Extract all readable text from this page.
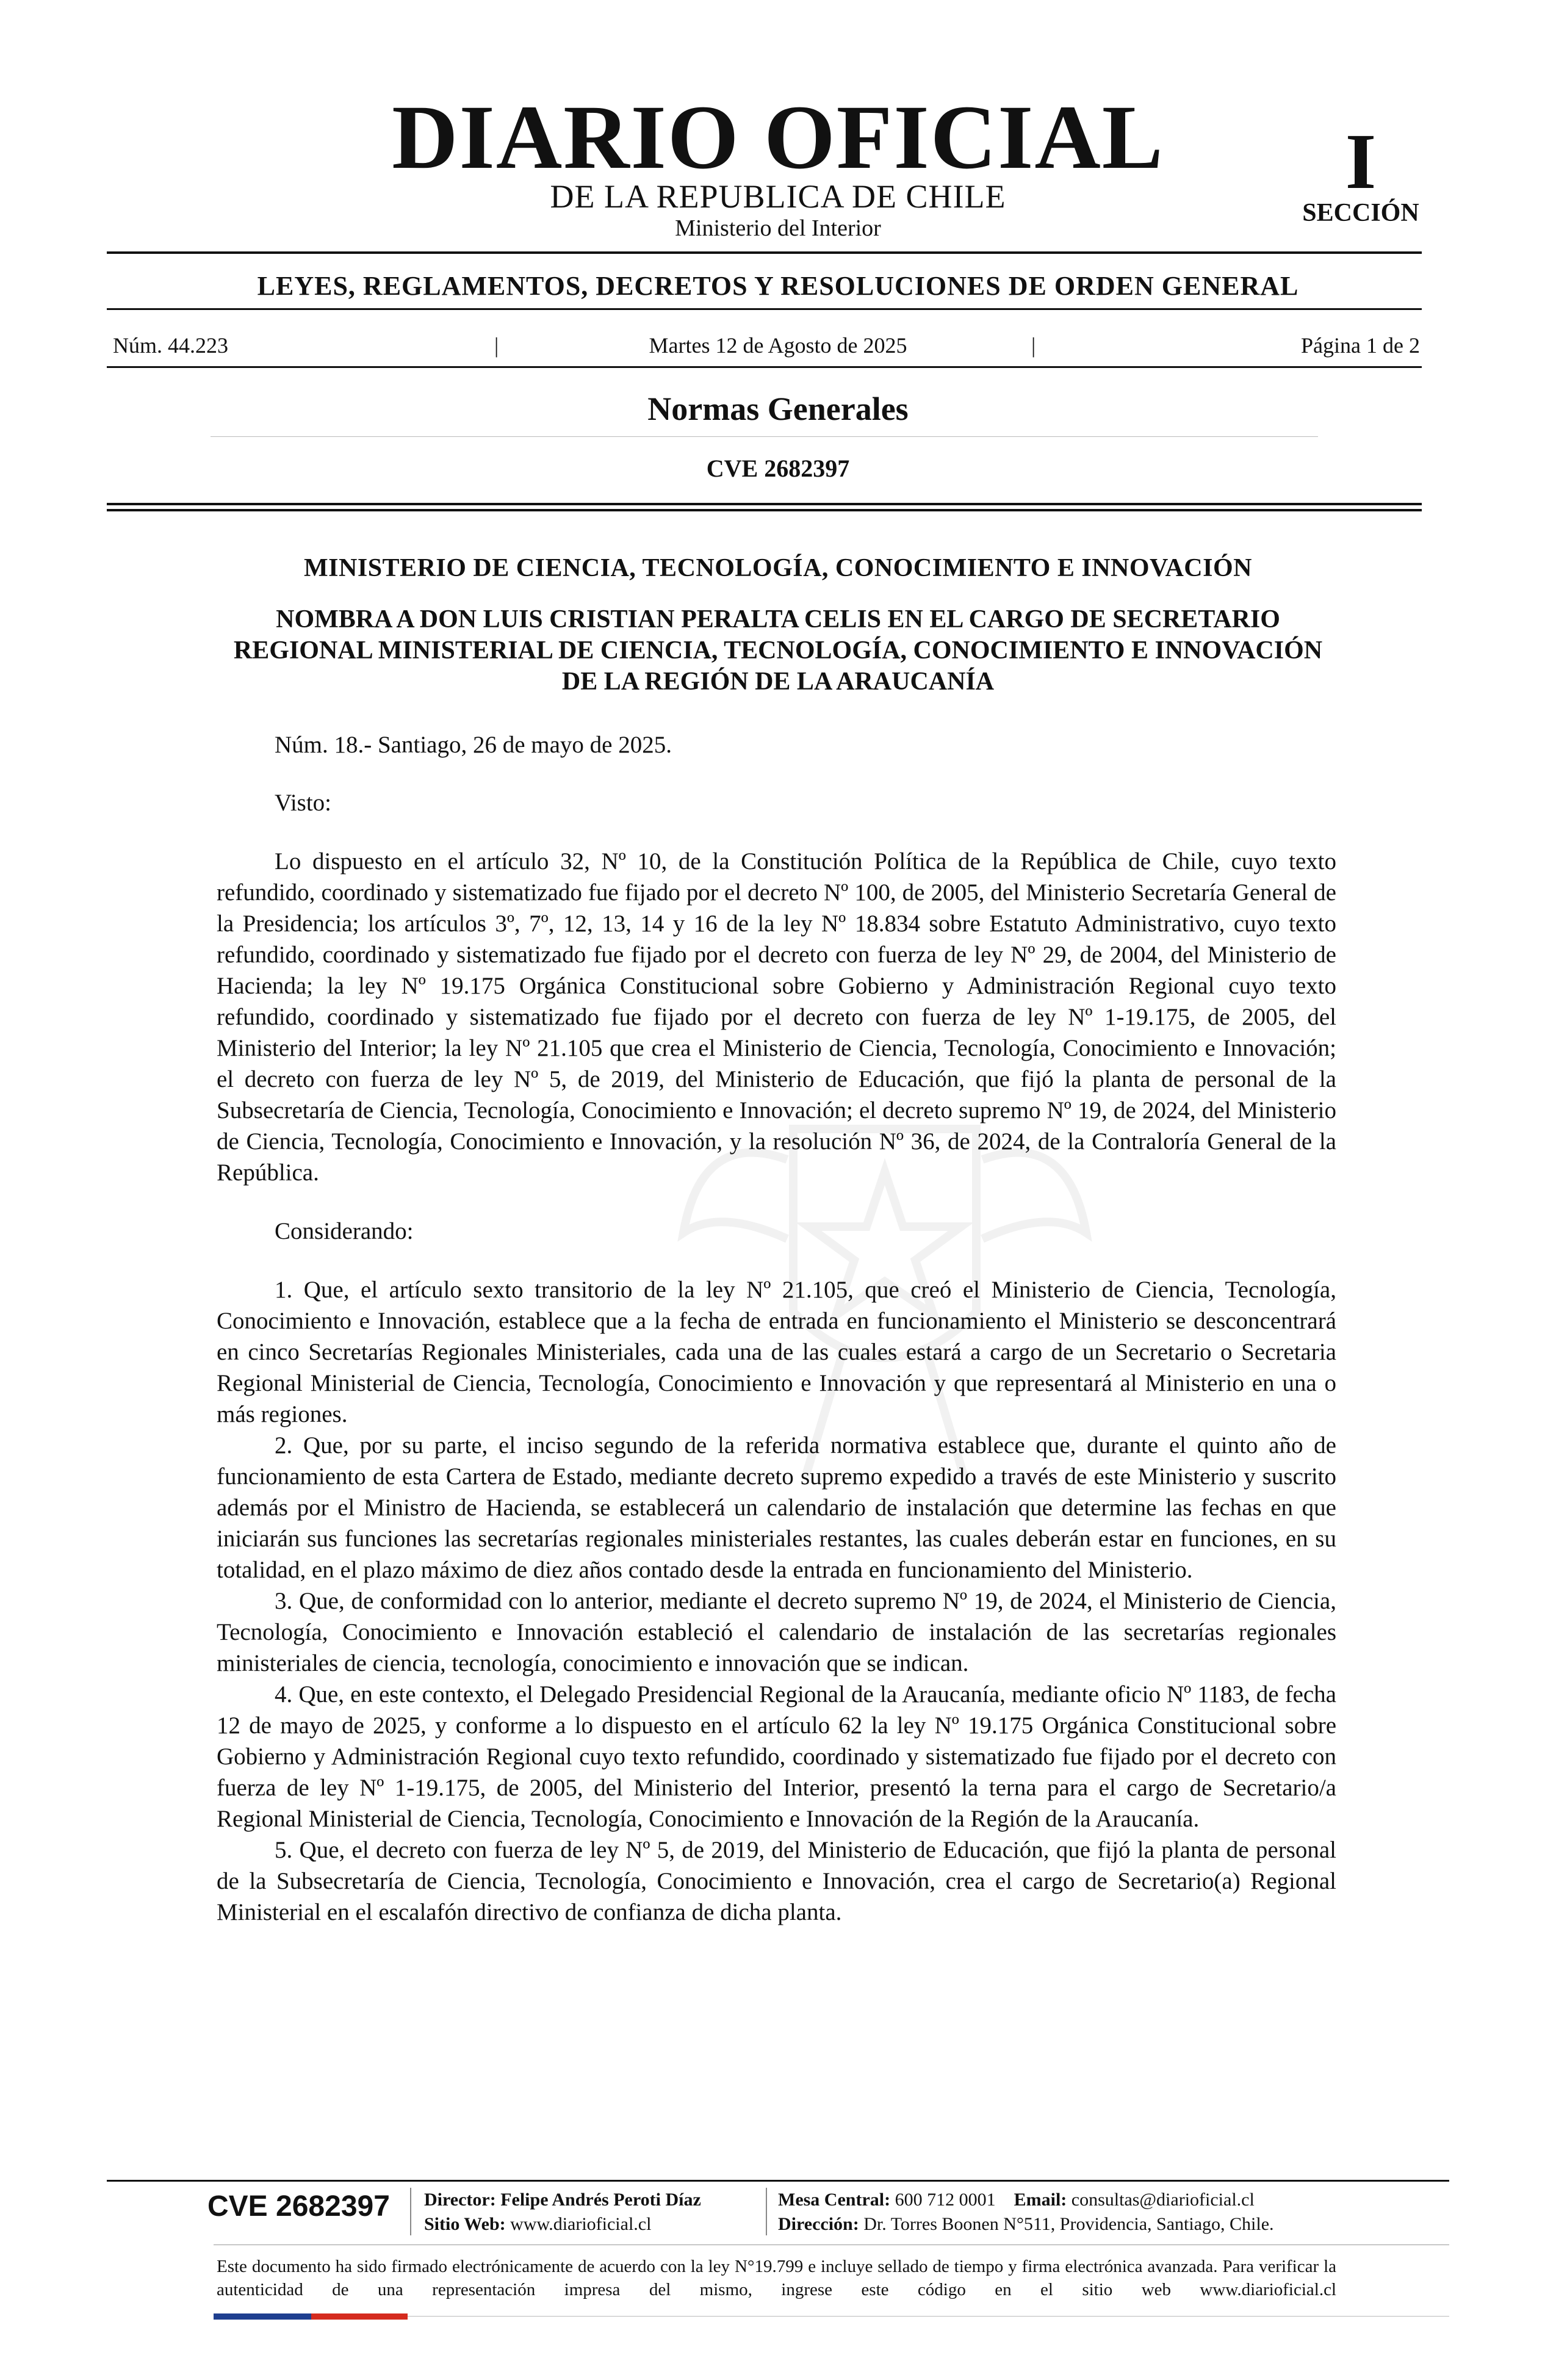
DIARIO OFICIAL
DE LA REPUBLICA DE CHILE
Ministerio del Interior
I
SECCIÓN
LEYES, REGLAMENTOS, DECRETOS Y RESOLUCIONES DE ORDEN GENERAL
Núm. 44.223	|	Martes 12 de Agosto de 2025	|	Página 1 de 2
Normas Generales
CVE 2682397
MINISTERIO DE CIENCIA, TECNOLOGÍA, CONOCIMIENTO E INNOVACIÓN
NOMBRA A DON LUIS CRISTIAN PERALTA CELIS EN EL CARGO DE SECRETARIO REGIONAL MINISTERIAL DE CIENCIA, TECNOLOGÍA, CONOCIMIENTO E INNOVACIÓN DE LA REGIÓN DE LA ARAUCANÍA

Núm. 18.- Santiago, 26 de mayo de 2025.

Visto:

Lo dispuesto en el artículo 32, Nº 10, de la Constitución Política de la República de Chile, cuyo texto refundido, coordinado y sistematizado fue fijado por el decreto Nº 100, de 2005, del Ministerio Secretaría General de la Presidencia; los artículos 3º, 7º, 12, 13, 14 y 16 de la ley Nº 18.834 sobre Estatuto Administrativo, cuyo texto refundido, coordinado y sistematizado fue fijado por el decreto con fuerza de ley Nº 29, de 2004, del Ministerio de Hacienda; la ley Nº 19.175 Orgánica Constitucional sobre Gobierno y Administración Regional cuyo texto refundido, coordinado y sistematizado fue fijado por el decreto con fuerza de ley Nº 1-19.175, de 2005, del Ministerio del Interior; la ley Nº 21.105 que crea el Ministerio de Ciencia, Tecnología, Conocimiento e Innovación; el decreto con fuerza de ley Nº 5, de 2019, del Ministerio de Educación, que fijó la planta de personal de la Subsecretaría de Ciencia, Tecnología, Conocimiento e Innovación; el decreto supremo Nº 19, de 2024, del Ministerio de Ciencia, Tecnología, Conocimiento e Innovación, y la resolución Nº 36, de 2024, de la Contraloría General de la República.

Considerando:

1. Que, el artículo sexto transitorio de la ley Nº 21.105, que creó el Ministerio de Ciencia, Tecnología, Conocimiento e Innovación, establece que a la fecha de entrada en funcionamiento el Ministerio se desconcentrará en cinco Secretarías Regionales Ministeriales, cada una de las cuales estará a cargo de un Secretario o Secretaria Regional Ministerial de Ciencia, Tecnología, Conocimiento e Innovación y que representará al Ministerio en una o más regiones.

2. Que, por su parte, el inciso segundo de la referida normativa establece que, durante el quinto año de funcionamiento de esta Cartera de Estado, mediante decreto supremo expedido a través de este Ministerio y suscrito además por el Ministro de Hacienda, se establecerá un calendario de instalación que determine las fechas en que iniciarán sus funciones las secretarías regionales ministeriales restantes, las cuales deberán estar en funciones, en su totalidad, en el plazo máximo de diez años contado desde la entrada en funcionamiento del Ministerio.

3. Que, de conformidad con lo anterior, mediante el decreto supremo Nº 19, de 2024, el Ministerio de Ciencia, Tecnología, Conocimiento e Innovación estableció el calendario de instalación de las secretarías regionales ministeriales de ciencia, tecnología, conocimiento e innovación que se indican.

4. Que, en este contexto, el Delegado Presidencial Regional de la Araucanía, mediante oficio Nº 1183, de fecha 12 de mayo de 2025, y conforme a lo dispuesto en el artículo 62 la ley Nº 19.175 Orgánica Constitucional sobre Gobierno y Administración Regional cuyo texto refundido, coordinado y sistematizado fue fijado por el decreto con fuerza de ley Nº 1-19.175, de 2005, del Ministerio del Interior, presentó la terna para el cargo de Secretario/a Regional Ministerial de Ciencia, Tecnología, Conocimiento e Innovación de la Región de la Araucanía.

5. Que, el decreto con fuerza de ley Nº 5, de 2019, del Ministerio de Educación, que fijó la planta de personal de la Subsecretaría de Ciencia, Tecnología, Conocimiento e Innovación, crea el cargo de Secretario(a) Regional Ministerial en el escalafón directivo de confianza de dicha planta.

CVE 2682397 Director: Felipe Andrés Peroti Díaz
Sitio Web: www.diarioficial.cl
Mesa Central: 600 712 0001 Email: consultas@diarioficial.cl
Dirección: Dr. Torres Boonen N°511, Providencia, Santiago, Chile.
Este documento ha sido firmado electrónicamente de acuerdo con la ley N°19.799 e incluye sellado de tiempo y firma electrónica avanzada. Para verificar la autenticidad de una representación impresa del mismo, ingrese este código en el sitio web www.diarioficial.cl
